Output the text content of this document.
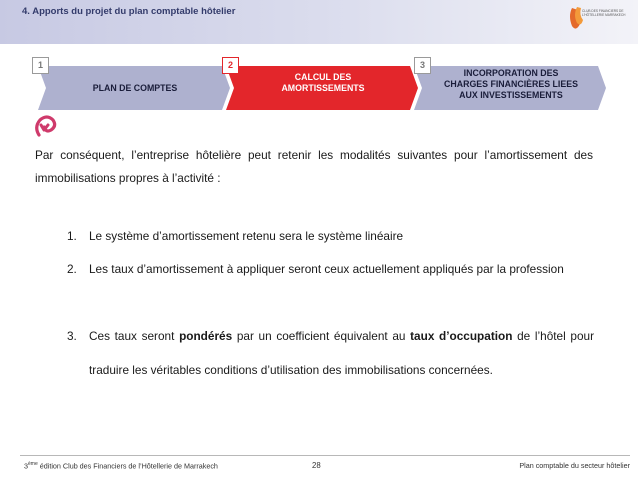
4. Apports du projet du plan comptable hôtelier	CLUB DES FINANCIERS DE L'HÔTELLERIE MARRAKECH
1	2	3
PLAN DE COMPTES
CALCUL DES
AMORTISSEMENTS
INCORPORATION DES
CHARGES FINANCIÈRES LIEES
AUX INVESTISSEMENTS
Par conséquent, l’entreprise hôtelière peut retenir les modalités suivantes pour l’amortissement des immobilisations propres à l’activité :
1.	Le système d’amortissement retenu sera le système linéaire
2.	Les taux d’amortissement à appliquer seront ceux actuellement appliqués par la profession
3.	Ces taux seront pondérés par un coefficient équivalent au taux d’occupation de l’hôtel pour traduire les véritables conditions d’utilisation des immobilisations concernées.
3ème édition Club des Financiers de l’Hôtellerie de Marrakech	28	Plan comptable du secteur hôtelier
